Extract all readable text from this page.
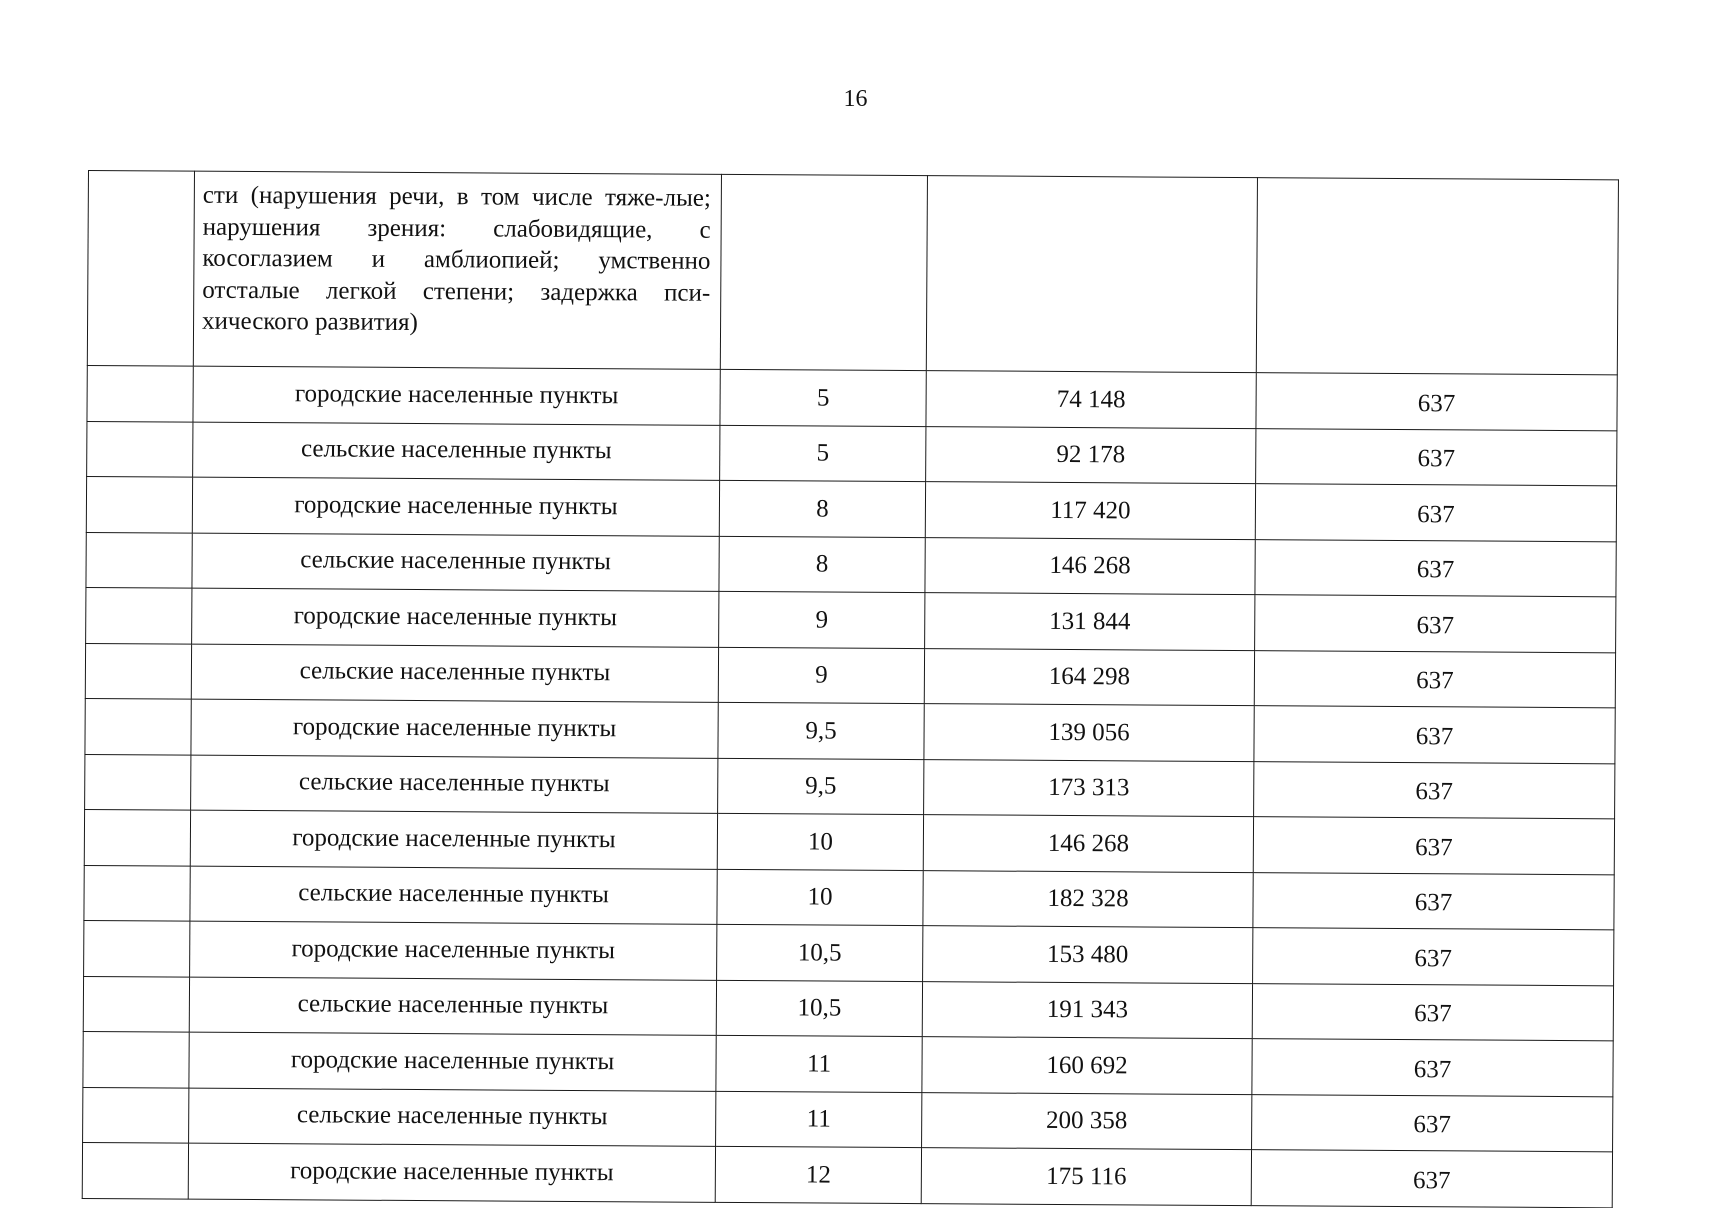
16
	сти (нарушения речи, в том числе тяже-лые; нарушения зрения: слабовидящие, с косоглазием и амблиопией; умственно отсталые легкой степени; задержка пси-хического развития)			
	городские населенные пункты	5	74 148	637
	сельские населенные пункты	5	92 178	637
	городские населенные пункты	8	117 420	637
	сельские населенные пункты	8	146 268	637
	городские населенные пункты	9	131 844	637
	сельские населенные пункты	9	164 298	637
	городские населенные пункты	9,5	139 056	637
	сельские населенные пункты	9,5	173 313	637
	городские населенные пункты	10	146 268	637
	сельские населенные пункты	10	182 328	637
	городские населенные пункты	10,5	153 480	637
	сельские населенные пункты	10,5	191 343	637
	городские населенные пункты	11	160 692	637
	сельские населенные пункты	11	200 358	637
	городские населенные пункты	12	175 116	637
